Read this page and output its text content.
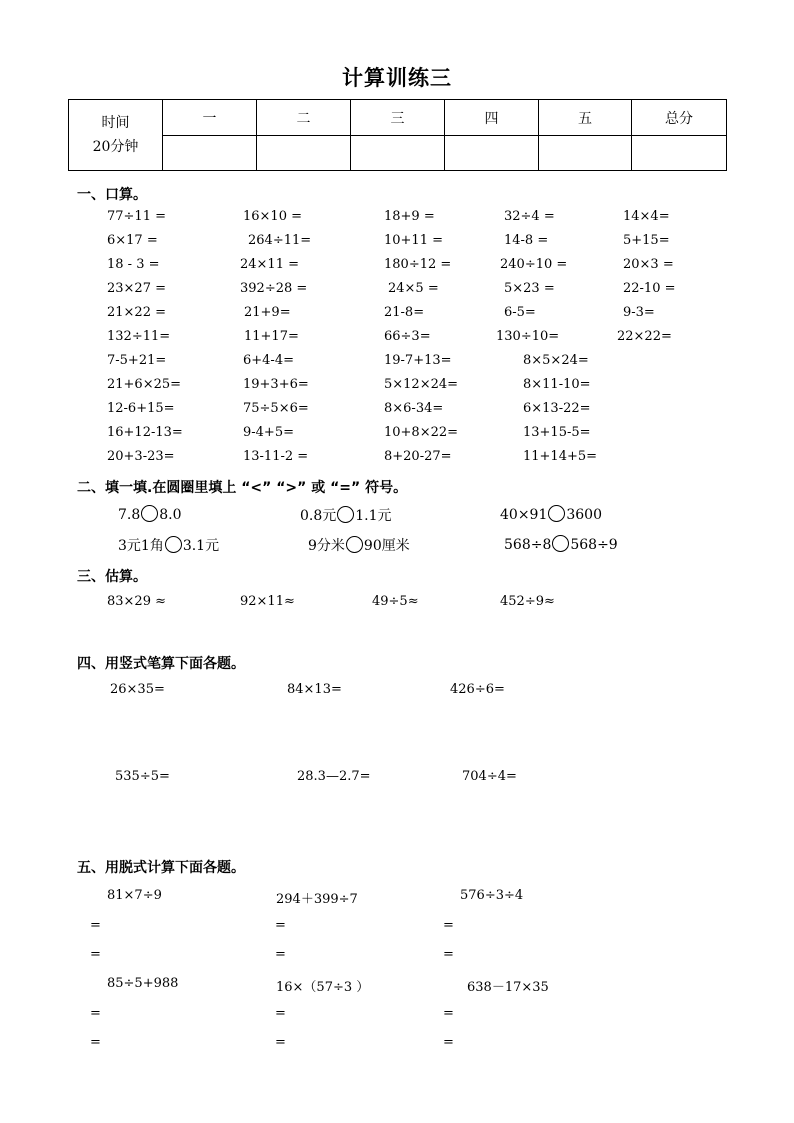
计算训练三
时间
20分钟	一	二	三	四	五	总分

一、口算。
77÷11 =	16×10 =	18+9 =	32÷4 =	14×4=
6×17 =	264÷11=	10+11 =	14-8 =	5+15=
18 - 3 =	24×11 =	180÷12 =	240÷10 =	20×3 =
23×27 =	392÷28 =	24×5 =	5×23 =	22-10 =
21×22 =	21+9=	21-8=	6-5=	9-3=
132÷11=	11+17=	66÷3=	130÷10=	22×22=
7-5+21=	6+4-4=	19-7+13=	8×5×24=
21+6×25=	19+3+6=	5×12×24=	8×11-10=
12-6+15=	75÷5×6=	8×6-34=	6×13-22=
16+12-13=	9-4+5=	10+8×22=	13+15-5=
20+3-23=	13-11-2 =	8+20-27=	11+14+5=
二、填一填.在圆圈里填上 “<” “>” 或 “=” 符号。
7.8 8.0	0.8元 1.1元	40×91 3600
3元1角 3.1元	9分米 90厘米	568÷8 568÷9
三、估算。
83×29 ≈	92×11≈	49÷5≈	452÷9≈
四、用竖式笔算下面各题。
26×35=	84×13=	426÷6=
535÷5=	28.3—2.7=	704÷4=
五、用脱式计算下面各题。
81×7÷9
=
=
294＋399÷7
=
=
576÷3÷4
=
=
85÷5+988
=
=
16×（57÷3 ）
=
=
638－17×35
=
=
